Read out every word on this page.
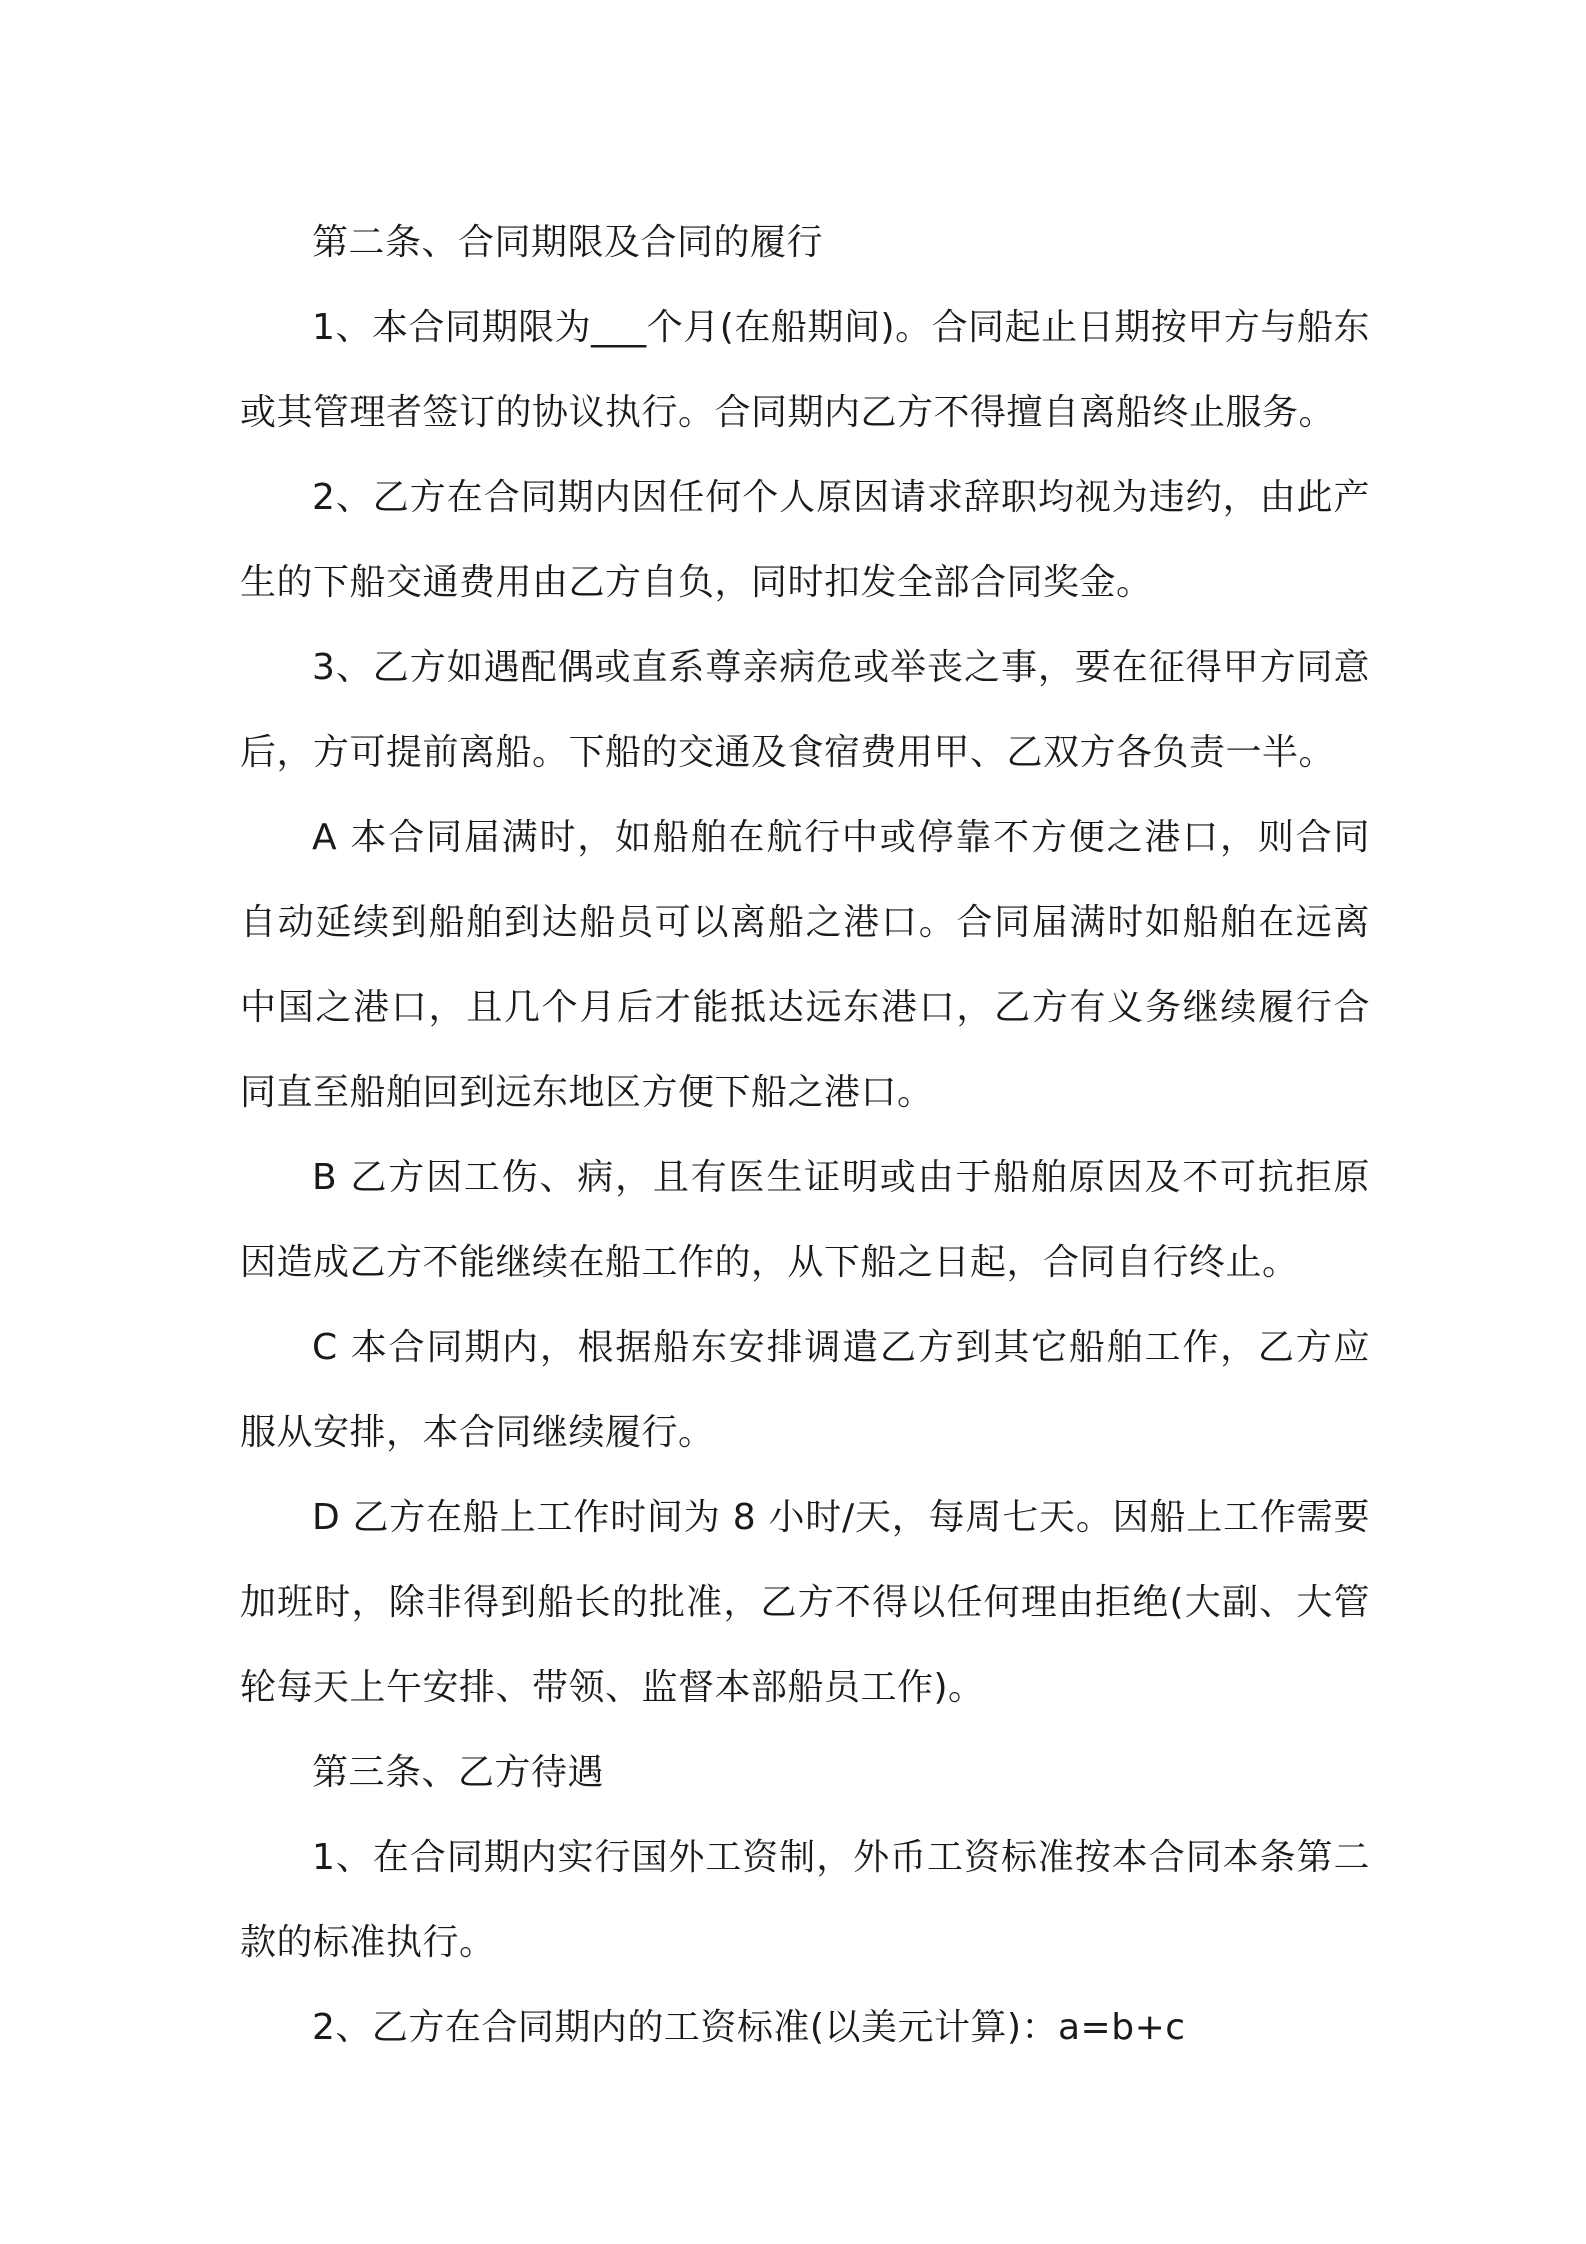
第二条、合同期限及合同的履行

1、本合同期限为___个月(在船期间)。合同起止日期按甲方与船东或其管理者签订的协议执行。合同期内乙方不得擅自离船终止服务。

2、乙方在合同期内因任何个人原因请求辞职均视为违约，由此产生的下船交通费用由乙方自负，同时扣发全部合同奖金。

3、乙方如遇配偶或直系尊亲病危或举丧之事，要在征得甲方同意后，方可提前离船。下船的交通及食宿费用甲、乙双方各负责一半。

A 本合同届满时，如船舶在航行中或停靠不方便之港口，则合同自动延续到船舶到达船员可以离船之港口。合同届满时如船舶在远离中国之港口，且几个月后才能抵达远东港口，乙方有义务继续履行合同直至船舶回到远东地区方便下船之港口。

B 乙方因工伤、病，且有医生证明或由于船舶原因及不可抗拒原因造成乙方不能继续在船工作的，从下船之日起，合同自行终止。

C 本合同期内，根据船东安排调遣乙方到其它船舶工作，乙方应服从安排，本合同继续履行。

D 乙方在船上工作时间为 8 小时/天，每周七天。因船上工作需要加班时，除非得到船长的批准，乙方不得以任何理由拒绝(大副、大管轮每天上午安排、带领、监督本部船员工作)。

第三条、乙方待遇

1、在合同期内实行国外工资制，外币工资标准按本合同本条第二款的标准执行。

2、乙方在合同期内的工资标准(以美元计算)：a=b+c
